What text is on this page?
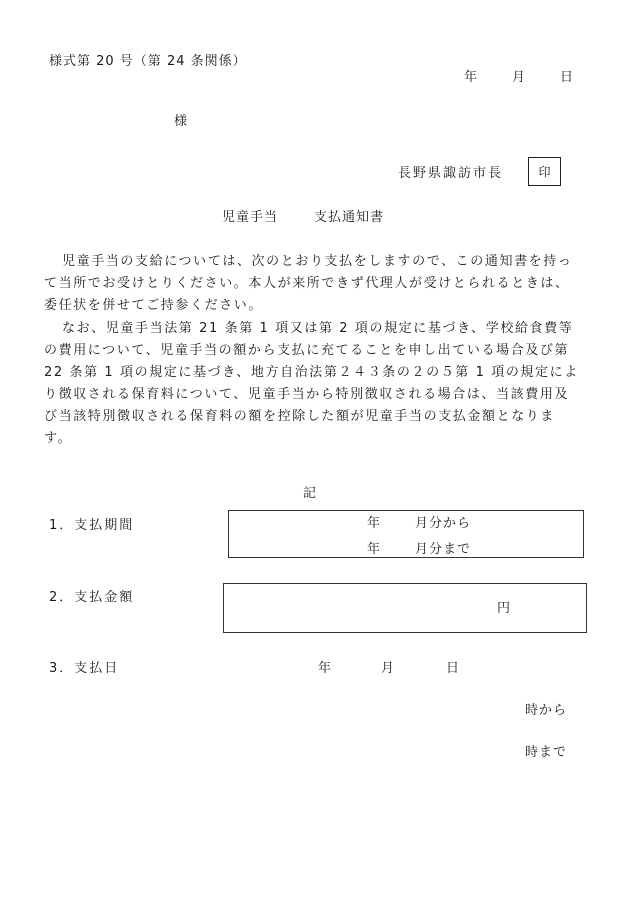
様式第 20 号（第 24 条関係）
年	月	日
様
長野県諏訪市長	印
児童手当	支払通知書
児童手当の支給については、次のとおり支払をしますので、この通知書を持って当所でお受けとりください。本人が来所できず代理人が受けとられるときは、委任状を併せてご持参ください。
なお、児童手当法第 21 条第 1 項又は第 2 項の規定に基づき、学校給食費等の費用について、児童手当の額から支払に充てることを申し出ている場合及び第 22 条第 1 項の規定に基づき、地方自治法第２４３条の２の５第 1 項の規定により徴収される保育料について、児童手当から特別徴収される場合は、当該費用及び当該特別徴収される保育料の額を控除した額が児童手当の支払金額となります。
記
1．支払期間	年	月分から
年	月分まで
2．支払金額
円
3．支払日	年	月	日
時から
時まで
